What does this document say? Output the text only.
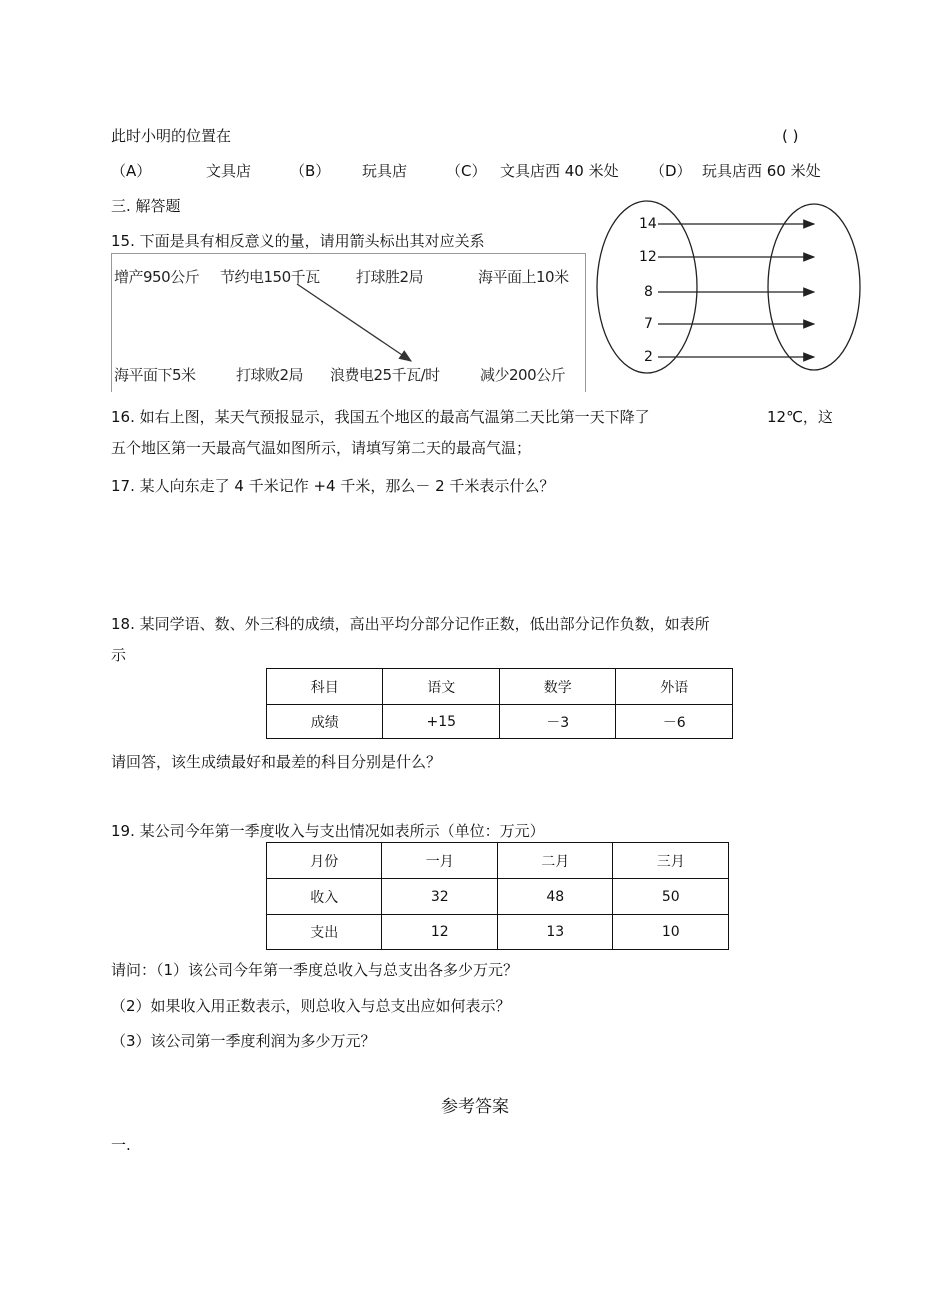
此时小明的位置在	( )
（A）	文具店	（B） 玩具店	（C） 文具店西 40 米处 （D） 玩具店西 60 米处
三. 解答题
15. 下面是具有相反意义的量，请用箭头标出其对应关系
增产950公斤 节约电150千瓦 打球胜2局	海平面上10米
海平面下5米	打球败2局 浪费电25千瓦/时	减少200公斤
14
12
8
7
2
16. 如右上图，某天气预报显示，我国五个地区的最高气温第二天比第一天下降了	12℃，这
五个地区第一天最高气温如图所示，请填写第二天的最高气温；
17. 某人向东走了 4 千米记作 +4 千米，那么－ 2 千米表示什么？
18. 某同学语、数、外三科的成绩，高出平均分部分记作正数，低出部分记作负数，如表所
示
科目	语文	数学	外语
成绩	+15	－3	－6
请回答，该生成绩最好和最差的科目分别是什么？
19. 某公司今年第一季度收入与支出情况如表所示（单位：万元）
月份	一月	二月	三月
收入	32	48	50
支出	12	13	10
请问：（1）该公司今年第一季度总收入与总支出各多少万元？
（2）如果收入用正数表示，则总收入与总支出应如何表示？
（3）该公司第一季度利润为多少万元？
参考答案
一.
